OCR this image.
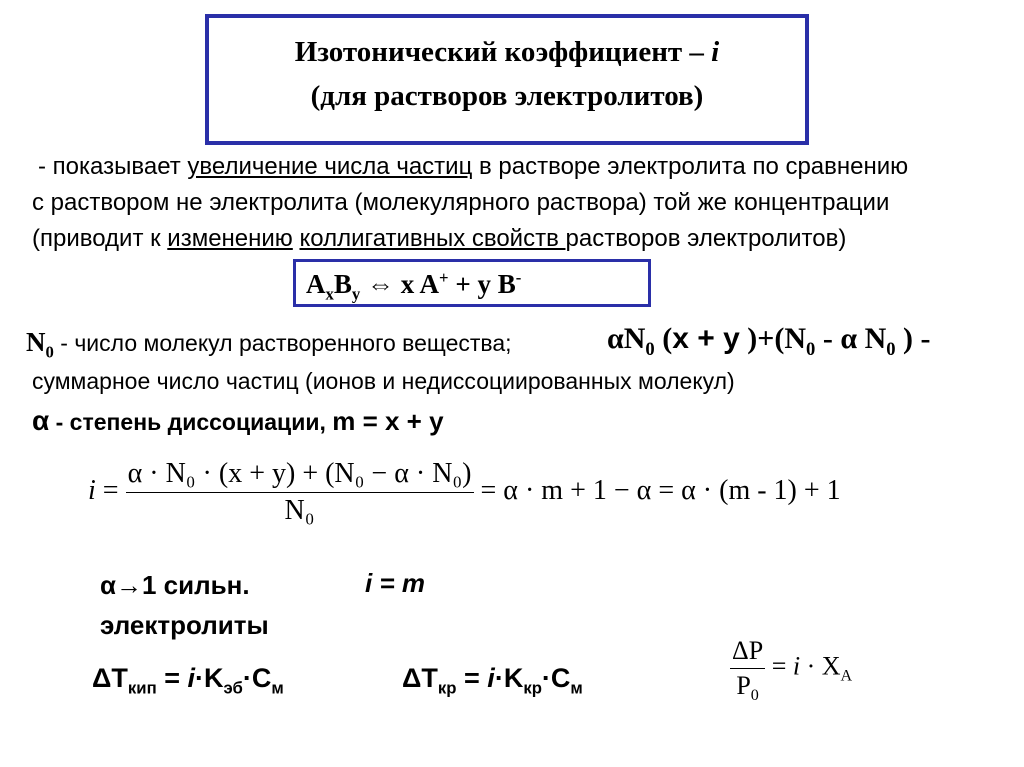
Изотонический коэффициент – i
(для растворов электролитов)
- показывает увеличение числа частиц в растворе электролита по сравнению
с раствором не электролита (молекулярного раствора) той же концентрации
(приводит к изменению коллигативных свойств растворов электролитов)
$A_xB_y$ ⇔ x A+ + y B-
$N_0$ - число молекул растворенного вещества;	$\alpha N_0$ (x + y )$+(N_0 - \alpha$ $N_0$ ) -
суммарное число частиц (ионов и недиссоциированных молекул)
α - степень диссоциации, m = x + y
$i = \frac{\text{α · N₀ · (x + y) + (N₀ − α · N₀)}}{\text{N₀}} = \alpha \cdot m + 1 - \alpha = \alpha \cdot (m - 1) + 1$
α→1 сильн.
электролиты
i = m
$\Delta T_{кип} = i\cdot K_{эб}\cdot C_м$	$\Delta T_{кр} = i\cdot K_{кр}\cdot C_м$	$\frac{\Delta P}{P_0} = i \cdot X_A$
